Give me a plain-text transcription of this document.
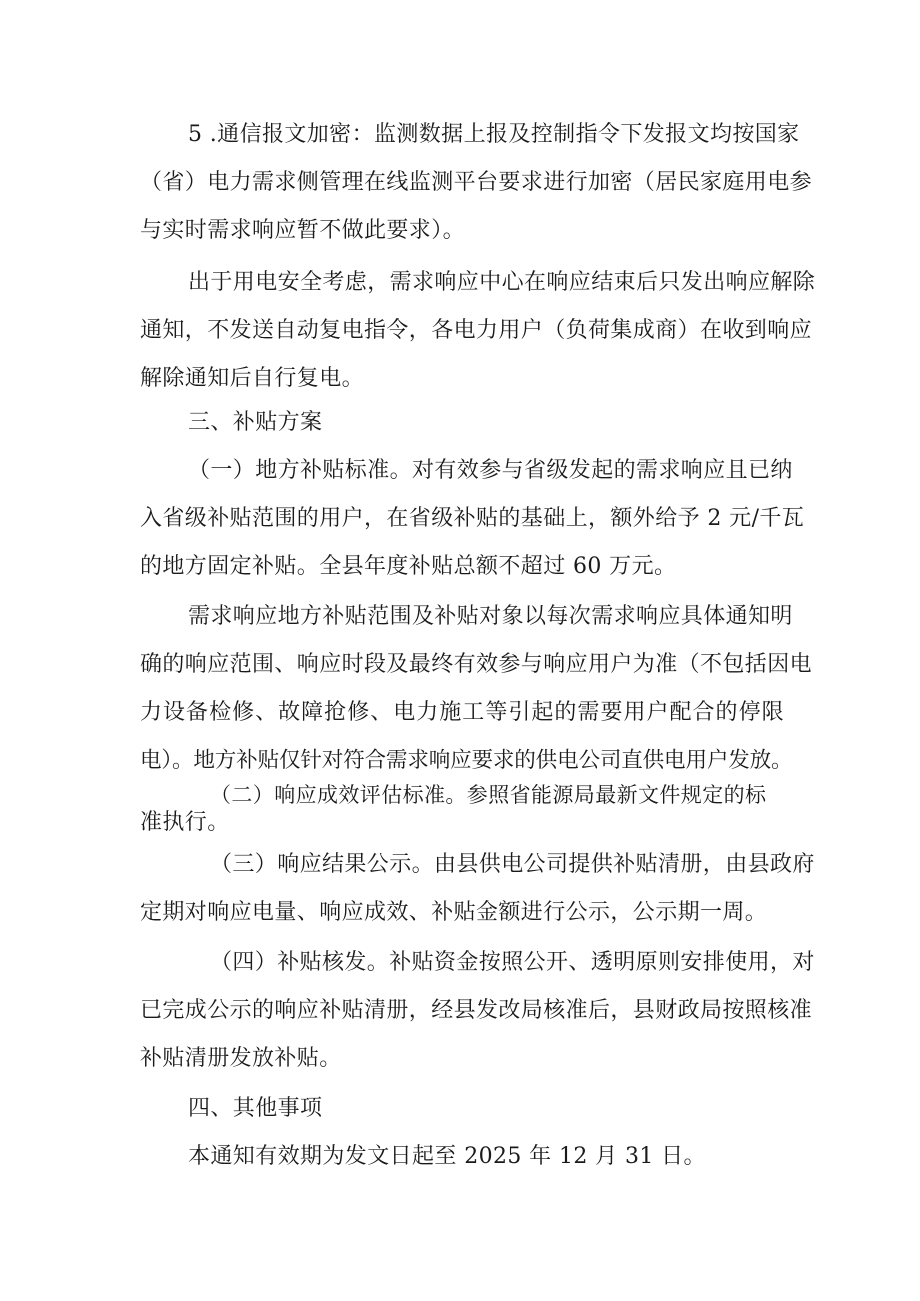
5 .通信报文加密：监测数据上报及控制指令下发报文均按国家
（省）电力需求侧管理在线监测平台要求进行加密（居民家庭用电参
与实时需求响应暂不做此要求）。
出于用电安全考虑，需求响应中心在响应结束后只发出响应解除
通知，不发送自动复电指令，各电力用户（负荷集成商）在收到响应
解除通知后自行复电。
三、补贴方案
（一）地方补贴标准。对有效参与省级发起的需求响应且已纳
入省级补贴范围的用户，在省级补贴的基础上，额外给予 2 元/千瓦
的地方固定补贴。全县年度补贴总额不超过 60 万元。
需求响应地方补贴范围及补贴对象以每次需求响应具体通知明
确的响应范围、响应时段及最终有效参与响应用户为准（不包括因电
力设备检修、故障抢修、电力施工等引起的需要用户配合的停限
电）。地方补贴仅针对符合需求响应要求的供电公司直供电用户发放。
（二）响应成效评估标准。参照省能源局最新文件规定的标
准执行。
（三）响应结果公示。由县供电公司提供补贴清册，由县政府
定期对响应电量、响应成效、补贴金额进行公示，公示期一周。
（四）补贴核发。补贴资金按照公开、透明原则安排使用，对
已完成公示的响应补贴清册，经县发改局核准后，县财政局按照核准
补贴清册发放补贴。
四、其他事项
本通知有效期为发文日起至 2025 年 12 月 31 日。
